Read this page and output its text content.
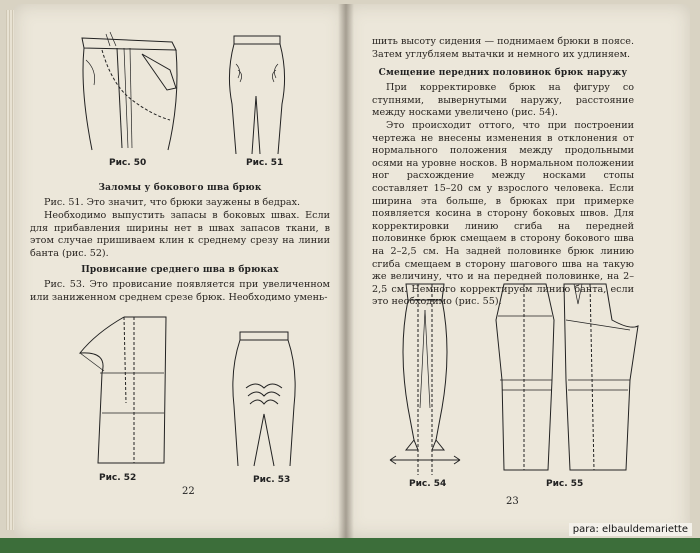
Рис. 50	Рис. 51
Заломы у бокового шва брюк
Рис. 51. Это значит, что брюки заужены в бедрах.
Необходимо выпустить запасы в боковых швах. Если для прибавления ширины нет в швах запасов ткани, в этом случае пришиваем клин к среднему срезу на линии банта (рис. 52).
Провисание среднего шва в брюках
Рис. 53. Это провисание появляется при увеличенном или заниженном среднем срезе брюк. Необходимо умень-
Рис. 52	Рис. 53
22
шить высоту сидения — поднимаем брюки в поясе. Затем углубляем вытачки и немного их удлиняем.
Смещение передних половинок брюк наружу
При корректировке брюк на фигуру со ступнями, вывернутыми наружу, расстояние между носками увеличено (рис. 54).
Это происходит оттого, что при построении чертежа не внесены изменения в отклонения от нормального положения между продольными осями на уровне носков. В нормальном положении ног расхождение между носками стопы составляет 15–20 см у взрослого человека. Если ширина эта больше, в брюках при примерке появляется косина в сторону боковых швов. Для корректировки линию сгиба на передней половинке брюк смещаем в сторону бокового шва на 2–2,5 см. На задней половинке брюк линию сгиба смещаем в сторону шагового шва на такую же величину, что и на передней половинке, на 2–2,5 см. Немного корректируем линию банта, если это необходимо (рис. 55).
Рис. 54	Рис. 55
23
para: elbauldemariette
